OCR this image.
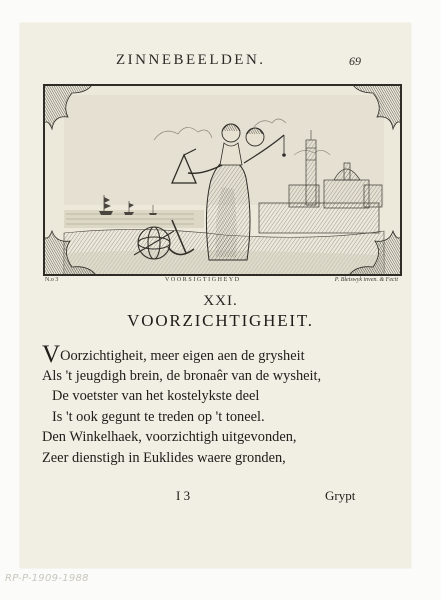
ZINNEBEELDEN.	69
N.o 3	VOORSIGTIGHEYD	P. Bleiswyk inven. & Fecit
XXI.
VOORZICHTIGHEIT.
VOorzichtigheit, meer eigen aen de grysheit
Als 't jeugdigh brein, de bronaêr van de wysheit,
De voetster van het kostelykste deel
Is 't ook gegunt te treden op 't toneel.
Den Winkelhaek, voorzichtigh uitgevonden,
Zeer dienstigh in Euklides waere gronden,
I 3	Grypt
RP-P-1909-1988
